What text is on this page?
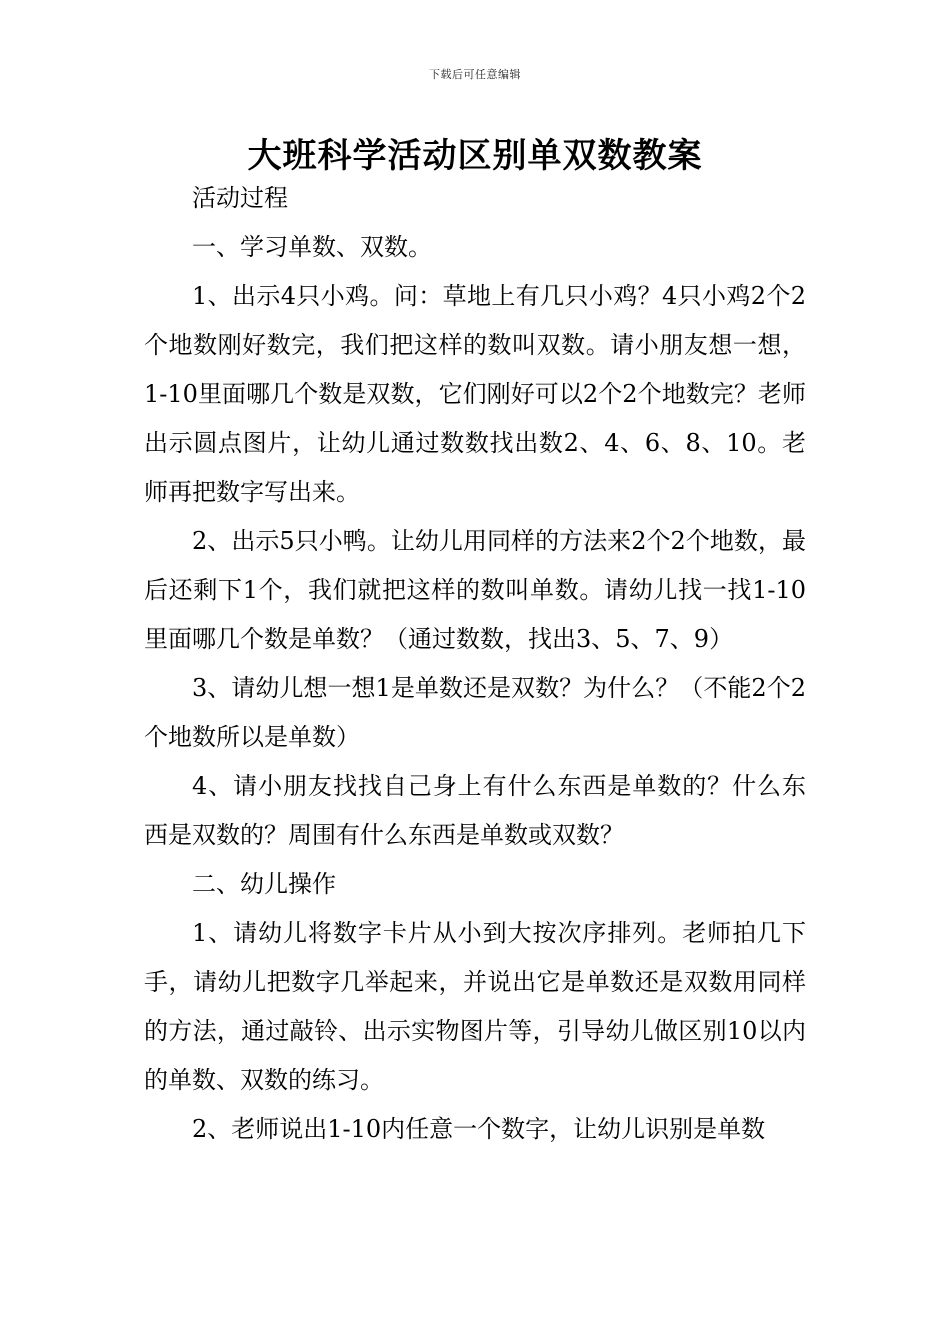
下载后可任意编辑
大班科学活动区别单双数教案

活动过程

一、学习单数、双数。

1、出示4只小鸡。问：草地上有几只小鸡？4只小鸡2个2个地数刚好数完，我们把这样的数叫双数。请小朋友想一想，1-10里面哪几个数是双数，它们刚好可以2个2个地数完？老师出示圆点图片，让幼儿通过数数找出数2、4、6、8、10。老师再把数字写出来。

2、出示5只小鸭。让幼儿用同样的方法来2个2个地数，最后还剩下1个，我们就把这样的数叫单数。请幼儿找一找1-10里面哪几个数是单数？（通过数数，找出3、5、7、9）

3、请幼儿想一想1是单数还是双数？为什么？（不能2个2个地数所以是单数）

4、请小朋友找找自己身上有什么东西是单数的？什么东西是双数的？周围有什么东西是单数或双数？

二、幼儿操作

1、请幼儿将数字卡片从小到大按次序排列。老师拍几下手，请幼儿把数字几举起来，并说出它是单数还是双数用同样的方法，通过敲铃、出示实物图片等，引导幼儿做区别10以内的单数、双数的练习。

2、老师说出1-10内任意一个数字，让幼儿识别是单数
